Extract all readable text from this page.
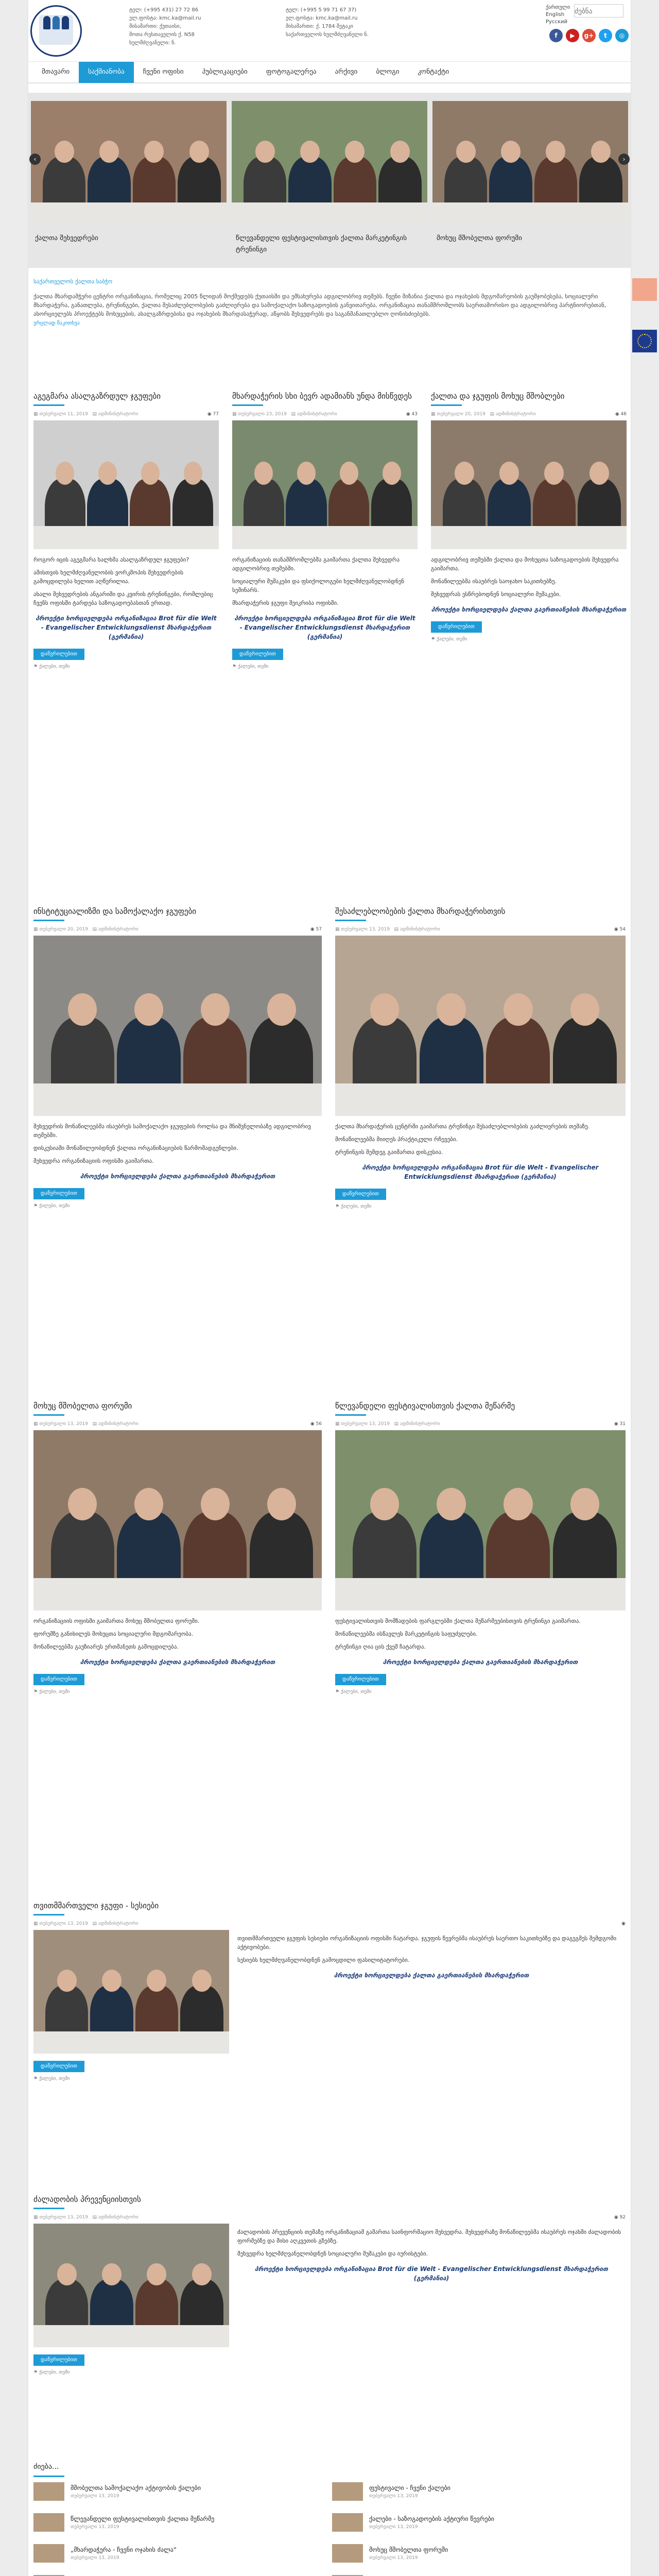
ტელ: (+995 431) 27 72 86
ელ.ფოსტა: kmc.ka@mail.ru
მისამართი: ქუთაისი,
შოთა რუსთაველის ქ. N58
ხელმძღვანელი: ნ.
ტელ: (+995 5 99 71 67 37)
ელ.ფოსტა: kmc.ka@mail.ru
მისამართი: ქ. 1784 შეტაკი
საქართველოს ხელმძღვანელი ნ.
ქართული
English
Русский
ძებნა
f	▶	g+	t	◎
მთავარი	საქმიანობა	ჩვენი ოფისი	პუბლიკაციები	ფოტოგალერეა	არქივი	ბლოგი	კონტაქტი
ქალთა შეხვედრები	წლევანდელი ფესტივალისთვის ქალთა მარკეტინგის ტრენინგი
მოხუც მშობელთა ფორუმი
‹	›
საქართველოს ქალთა საბჭო
ქალთა მხარდამჭერი ცენტრი ორგანიზაცია, რომელიც 2005 წლიდან მოქმედებს ქუთაისში და ემსახურება ადგილობრივ თემებს. ჩვენი მიზანია ქალთა და ოჯახების მდგომარეობის გაუმჯობესება, სოციალური მხარდაჭერა, განათლება, ტრენინგები, ქალთა შესაძლებლობების გაძლიერება და სამოქალაქო საზოგადოების განვითარება. ორგანიზაცია თანამშრომლობს საერთაშორისო და ადგილობრივ პარტნიორებთან, ახორციელებს პროექტებს მოხუცების, ახალგაზრდებისა და ოჯახების მხარდასაჭერად, აწყობს შეხვედრებს და საგანმანათლებლო ღონისძიებებს.
ვრცლად წაკითხვა
აგეგმარა ასალგაზრდულ ჯგუფები
▦ თებერვალი 11, 2019 ▤ ადმინისტრატორი	◉ 77

როგორ იცის აგეგმარა ხალხმა ასალგაზრდულ ჯგუფები?

ამისთვის ხელმძღვანელობის ვორკშოპის შეხვედრების გამოცდილება ხელით აღწერილია.

ახალი შეხვედრების ანგარიში და კვირის ტრენინგები, რომლებიც ჩვენს ოფისში ტარდება საზოგადოებასთან ერთად.

პროექტი ხორციელდება ორგანიზაცია Brot für die Welt - Evangelischer Entwicklungsdienst მხარდაჭერით (გერმანია)
დაწვრილებით
⚑ ქალები, თემი
მხარდაჭერის სხი ბევრ ადამიანს უნდა მისწვდეს
▦ თებერვალი 23, 2019 ▤ ადმინისტრატორი	◉ 43

ორგანიზაციის თანამშრომლებმა გაიმართა ქალთა შეხვედრა ადგილობრივ თემებში.

სოციალური მუშაკები და ფსიქოლოგები ხელმძღვანელობდნენ სემინარს.

მხარდაჭერის ჯგუფი შეიკრიბა ოფისში.

პროექტი ხორციელდება ორგანიზაცია Brot für die Welt - Evangelischer Entwicklungsdienst მხარდაჭერით (გერმანია)
დაწვრილებით
⚑ ქალები, თემი
ქალთა და ჯგუფის მოხუც მშობლები
▦ თებერვალი 20, 2019 ▤ ადმინისტრატორი	◉ 46

ადგილობრივ თემებში ქალთა და მოხუცთა საზოგადოების შეხვედრა გაიმართა.

მონაწილეებმა ისაუბრეს საოჯახო საკითხებზე.

შეხვედრას ესწრებოდნენ სოციალური მუშაკები.

პროექტი ხორციელდება ქალთა გაერთიანების მხარდაჭერით
დაწვრილებით
⚑ ქალები, თემი
ინსტიტუციალიზმი და სამოქალაქო ჯგუფები
▦ თებერვალი 20, 2019 ▤ ადმინისტრატორი	◉ 57

შეხვედრის მონაწილეებმა ისაუბრეს სამოქალაქო ჯგუფების როლსა და მნიშვნელობაზე ადგილობრივ თემებში.

დისკუსიაში მონაწილეობდნენ ქალთა ორგანიზაციების წარმომადგენლები.

შეხვედრა ორგანიზაციის ოფისში გაიმართა.

პროექტი ხორციელდება ქალთა გაერთიანების მხარდაჭერით
დაწვრილებით
⚑ ქალები, თემი
შესაძლებლობების ქალთა მხარდაჭერისთვის
▦ თებერვალი 13, 2019 ▤ ადმინისტრატორი	◉ 54

ქალთა მხარდაჭერის ცენტრში გაიმართა ტრენინგი შესაძლებლობების გაძლიერების თემაზე.

მონაწილეებმა მიიღეს პრაქტიკული რჩევები.

ტრენინგის შემდეგ გაიმართა დისკუსია.

პროექტი ხორციელდება ორგანიზაცია Brot für die Welt - Evangelischer Entwicklungsdienst მხარდაჭერით (გერმანია)
დაწვრილებით
⚑ ქალები, თემი
მოხუც მშობელთა ფორუმი
▦ თებერვალი 13, 2019 ▤ ადმინისტრატორი	◉ 56

ორგანიზაციის ოფისში გაიმართა მოხუც მშობელთა ფორუმი.

ფორუმზე განიხილეს მოხუცთა სოციალური მდგომარეობა.

მონაწილეებმა გაუზიარეს ერთმანეთს გამოცდილება.

პროექტი ხორციელდება ქალთა გაერთიანების მხარდაჭერით
დაწვრილებით
⚑ ქალები, თემი
წლევანდელი ფესტივალისთვის ქალთა მეწარმე
▦ თებერვალი 13, 2019 ▤ ადმინისტრატორი	◉ 31

ფესტივალისთვის მომზადების ფარგლებში ქალთა მეწარმეებისთვის ტრენინგი გაიმართა.

მონაწილეებმა ისწავლეს მარკეტინგის საფუძვლები.

ტრენინგი ღია ცის ქვეშ ჩატარდა.

პროექტი ხორციელდება ქალთა გაერთიანების მხარდაჭერით
დაწვრილებით
⚑ ქალები, თემი
თვითმმართველი ჯგუფი - სესიები
▦ თებერვალი 13, 2019 ▤ ადმინისტრატორი	◉

თვითმმართველი ჯგუფის სესიები ორგანიზაციის ოფისში ჩატარდა. ჯგუფის წევრებმა ისაუბრეს საერთო საკითხებზე და დაგეგმეს შემდგომი აქტივობები.

სესიებს ხელმძღვანელობდნენ გამოცდილი ფასილიტატორები.

პროექტი ხორციელდება ქალთა გაერთიანების მხარდაჭერით
დაწვრილებით
⚑ ქალები, თემი
ძალადობის პრევენციისთვის
▦ თებერვალი 13, 2019 ▤ ადმინისტრატორი	◉ 92

ძალადობის პრევენციის თემაზე ორგანიზაციამ გამართა საინფორმაციო შეხვედრა. შეხვედრაზე მონაწილეებმა ისაუბრეს ოჯახში ძალადობის ფორმებზე და მისი აღკვეთის გზებზე.

შეხვედრა ხელმძღვანელობდნენ სოციალური მუშაკები და იურისტები.

პროექტი ხორციელდება ორგანიზაცია Brot für die Welt - Evangelischer Entwicklungsdienst მხარდაჭერით (გერმანია)
დაწვრილებით
⚑ ქალები, თემი
ძიება...
მშობელთა სამოქალაქო აქტივობის ქალები
თებერვალი 13, 2019
ფესტივალი - ჩვენი ქალები
თებერვალი 13, 2019
წლევანდელი ფესტივალისთვის ქალთა მეწარმე
თებერვალი 13, 2019
ქალები - საზოგადოების აქტიური წევრები
თებერვალი 13, 2019
„მხარდაჭერა - ჩვენი ოჯახის ძალა“
თებერვალი 13, 2019
მოხუც მშობელთა ფორუმი
თებერვალი 13, 2019
